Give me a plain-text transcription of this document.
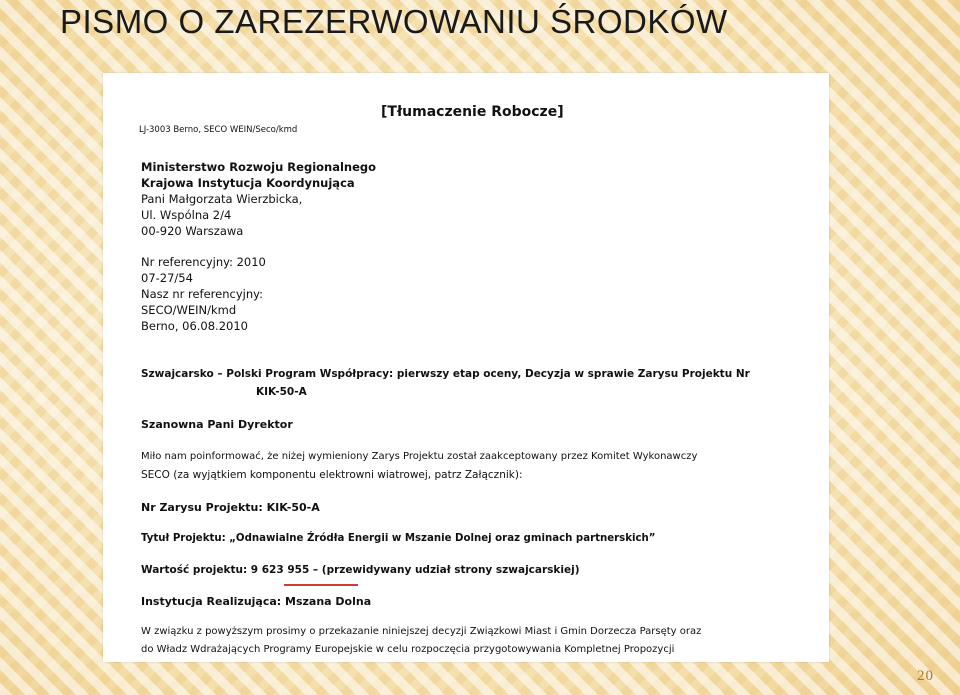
PISMO O ZAREZERWOWANIU ŚRODKÓW
[Tłumaczenie Robocze]
LJ-3003 Berno, SECO WEIN/Seco/kmd
Ministerstwo Rozwoju Regionalnego
Krajowa Instytucja Koordynująca
Pani Małgorzata Wierzbicka,
Ul. Wspólna 2/4
00-920 Warszawa
Nr referencyjny: 2010
07-27/54
Nasz nr referencyjny:
SECO/WEIN/kmd
Berno, 06.08.2010
Szwajcarsko – Polski Program Współpracy: pierwszy etap oceny, Decyzja w sprawie Zarysu Projektu Nr
KIK-50-A
Szanowna Pani Dyrektor
Miło nam poinformować, że niżej wymieniony Zarys Projektu został zaakceptowany przez Komitet Wykonawczy
SECO (za wyjątkiem komponentu elektrowni wiatrowej, patrz Załącznik):
Nr Zarysu Projektu: KIK-50-A
Tytuł Projektu: „Odnawialne Źródła Energii w Mszanie Dolnej oraz gminach partnerskich”
Wartość projektu: 9 623 955 – (przewidywany udział strony szwajcarskiej)
Instytucja Realizująca: Mszana Dolna
W związku z powyższym prosimy o przekazanie niniejszej decyzji Związkowi Miast i Gmin Dorzecza Parsęty oraz
do Władz Wdrażających Programy Europejskie w celu rozpoczęcia przygotowywania Kompletnej Propozycji
20
